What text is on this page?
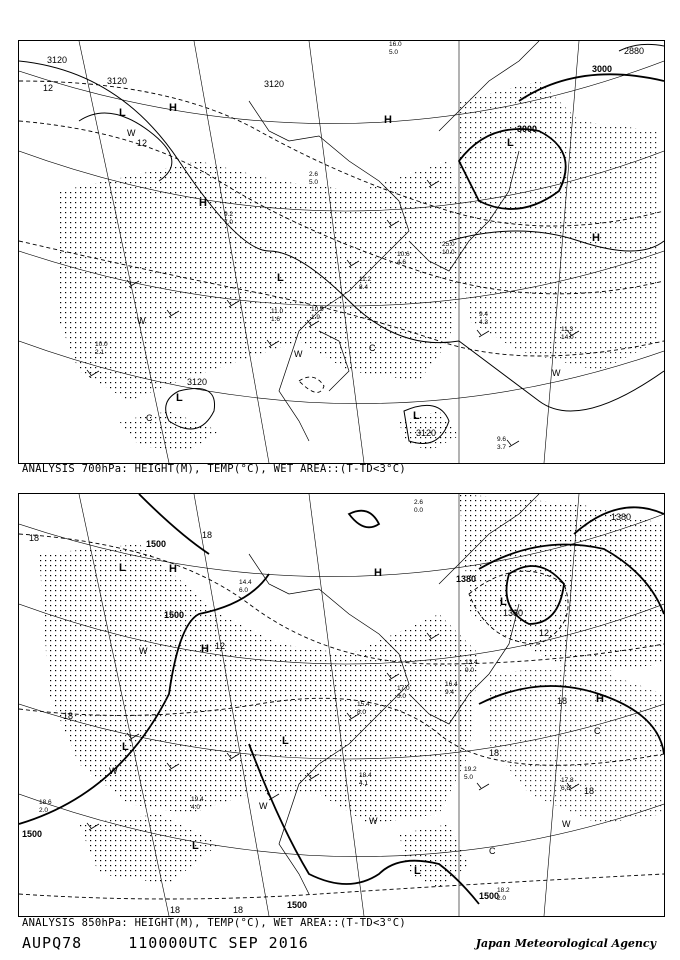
H
H
H
H
L
L
L
L
L
W
W
W
W
C
C
3120
3120	3120
3120
3000
3000
2880
3120
12
12
11.3
14.0
9.4
4.3
9.6
3.7
10.0
2.1
11.0
1.6
10.5
1.9
10.6
4.6
25.0
10.0
16.0
5.0
2.6
5.0
9.2
7.0
11.2
8.4
ANALYSIS 700hPa: HEIGHT(M), TEMP(°C), WET AREA::(T-TD<3°C)
L
L	L
L
L
L
H
H
H
H
W
W
W
W	W
C
C
1500
1500
1500
1500
1380
1380
1380
1500
18	18
18
18	18
12
12
18
18
18
19.2
5.0	17.8
6.8
18.2
2.0
18.4
4.1
15.4
8.0
19.4
4.0
16.4
9.4
17.0
3.0
13.4
9.0
2.6
0.0
18.6
2.0
14.4
6.0
ANALYSIS 850hPa: HEIGHT(M), TEMP(°C), WET AREA::(T-TD<3°C)
AUPQ78	110000UTC SEP 2016	Japan Meteorological Agency
